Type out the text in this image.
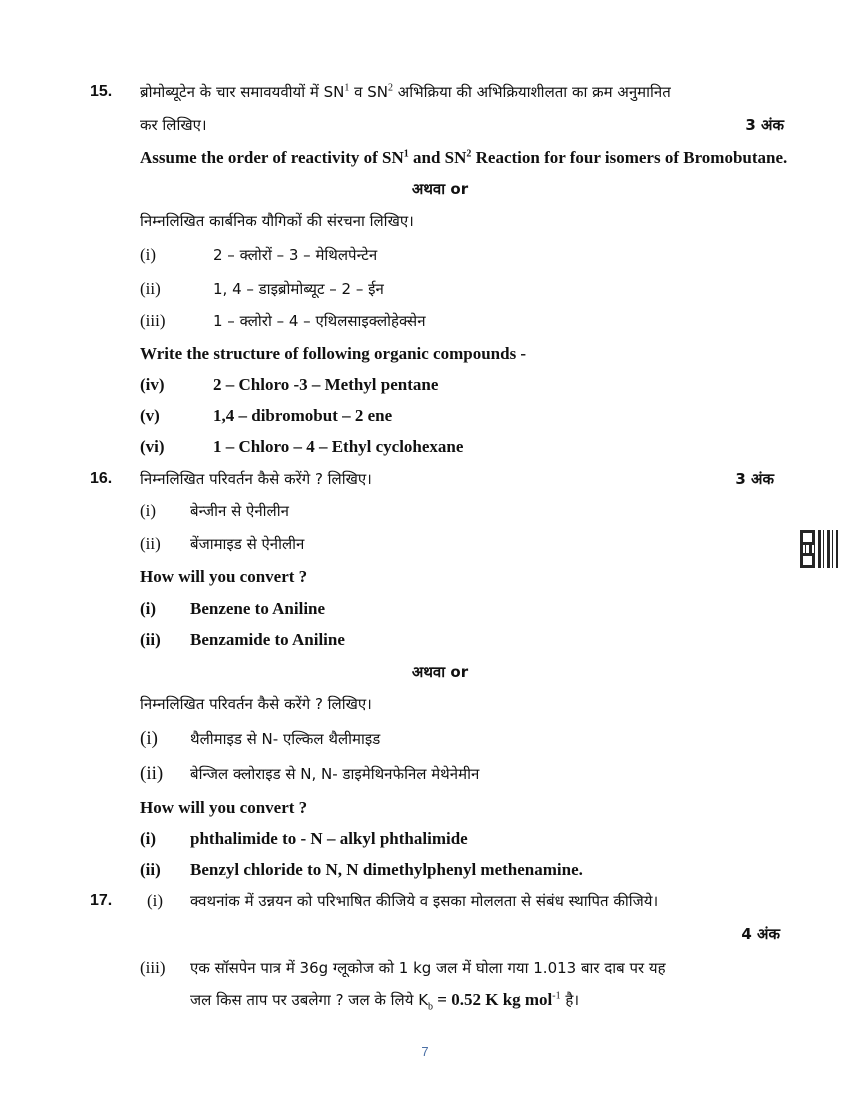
15. ब्रोमोब्यूटेन के चार समावयवीयों में $SN^1$ व $SN^2$ अभिक्रिया की अभिक्रियाशीलता का क्रम अनुमानित
कर लिखिए।	3 अंक
Assume the order of reactivity of $SN^1$ and $SN^2$ Reaction for four isomers of Bromobutane.
अथवा or
निम्नलिखित कार्बनिक यौगिकों की संरचना लिखिए।
(i)	2 – क्लोरों – 3 – मेथिलपेन्टेन
(ii)	1, 4 – डाइब्रोमोब्यूट – 2 – ईन
(iii)	1 – क्लोरो – 4 – एथिलसाइक्लोहेक्सेन
Write the structure of following organic compounds -
(iv)	2 – Chloro -3 – Methyl pentane
(v)	1,4 – dibromobut – 2 ene
(vi)	1 – Chloro – 4 – Ethyl cyclohexane
16. निम्नलिखित परिवर्तन कैसे करेंगे ? लिखिए।	3 अंक
(i) बेन्जीन से ऐनीलीन
(ii) बेंजामाइड से ऐनीलीन
How will you convert ?
(i) Benzene to Aniline
(ii) Benzamide to Aniline
अथवा or
निम्नलिखित परिवर्तन कैसे करेंगे ? लिखिए।
(i) थैलीमाइड से N- एल्किल थैलीमाइड
(ii) बेन्जिल क्लोराइड से N, N- डाइमेथिनफेनिल मेथेनेमीन
How will you convert ?
(i) phthalimide to - N – alkyl phthalimide
(ii) Benzyl chloride to N, N dimethylphenyl methenamine.
17. (i) क्वथनांक में उन्नयन को परिभाषित कीजिये व इसका मोललता से संबंध स्थापित कीजिये।
4 अंक
(iii) एक सॉसपेन पात्र में 36g ग्लूकोज को 1 kg जल में घोला गया 1.013 बार दाब पर यह
जल किस ताप पर उबलेगा ? जल के लिये $K_b = 0.52$ K kg mol$^{-1}$ है।
7
